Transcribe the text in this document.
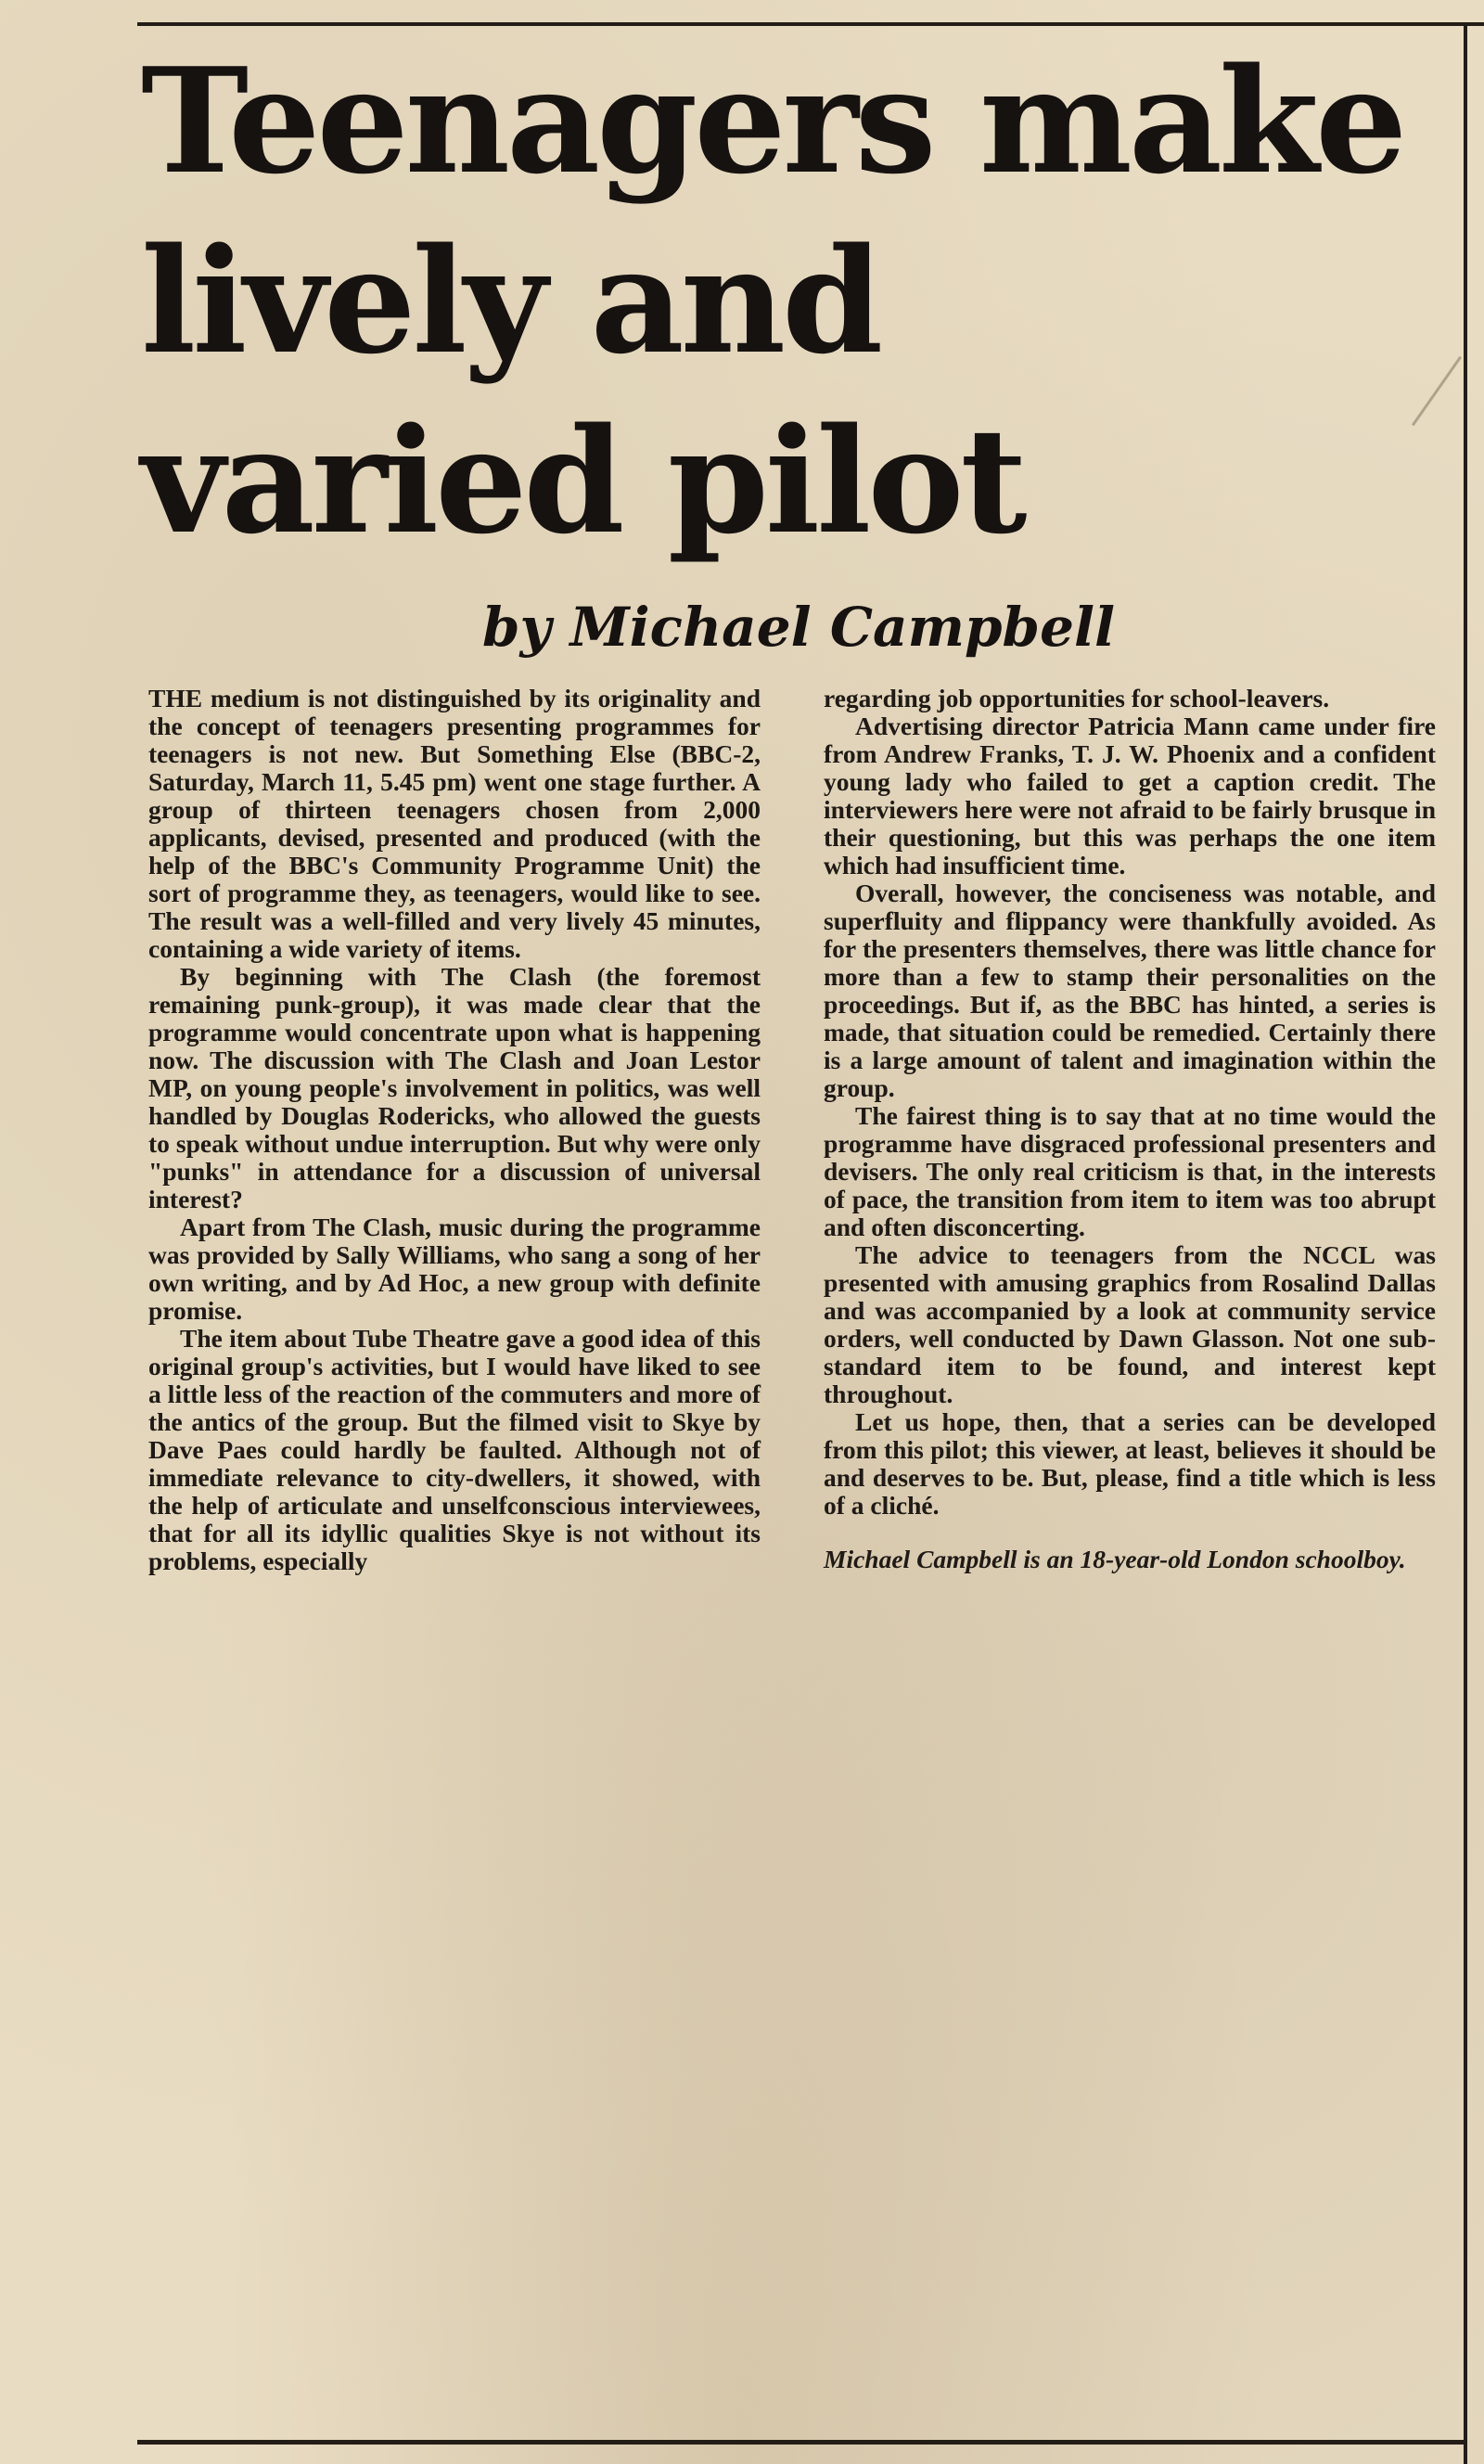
Teenagers make
lively and
varied pilot
by Michael Campbell

THE medium is not distinguished by its originality and the concept of teenagers presenting programmes for teenagers is not new. But Something Else (BBC-2, Saturday, March 11, 5.45 pm) went one stage further. A group of thirteen teenagers chosen from 2,000 applicants, devised, presented and produced (with the help of the BBC's Community Programme Unit) the sort of programme they, as teenagers, would like to see. The result was a well-filled and very lively 45 minutes, containing a wide variety of items.

By beginning with The Clash (the foremost remaining punk-group), it was made clear that the programme would concentrate upon what is happening now. The discussion with The Clash and Joan Lestor MP, on young people's involvement in politics, was well handled by Douglas Rodericks, who allowed the guests to speak without undue interruption. But why were only "punks" in attendance for a discussion of universal interest?

Apart from The Clash, music during the programme was provided by Sally Williams, who sang a song of her own writing, and by Ad Hoc, a new group with definite promise.

The item about Tube Theatre gave a good idea of this original group's activities, but I would have liked to see a little less of the reaction of the commuters and more of the antics of the group. But the filmed visit to Skye by Dave Paes could hardly be faulted. Although not of immediate relevance to city-dwellers, it showed, with the help of articulate and unselfconscious interviewees, that for all its idyllic qualities Skye is not without its problems, especially

regarding job opportunities for school-leavers.

Advertising director Patricia Mann came under fire from Andrew Franks, T. J. W. Phoenix and a confident young lady who failed to get a caption credit. The interviewers here were not afraid to be fairly brusque in their questioning, but this was perhaps the one item which had insufficient time.

Overall, however, the conciseness was notable, and superfluity and flippancy were thankfully avoided. As for the presenters themselves, there was little chance for more than a few to stamp their personalities on the proceedings. But if, as the BBC has hinted, a series is made, that situation could be remedied. Certainly there is a large amount of talent and imagination within the group.

The fairest thing is to say that at no time would the programme have disgraced professional presenters and devisers. The only real criticism is that, in the interests of pace, the transition from item to item was too abrupt and often disconcerting.

The advice to teenagers from the NCCL was presented with amusing graphics from Rosalind Dallas and was accompanied by a look at community service orders, well conducted by Dawn Glasson. Not one sub-standard item to be found, and interest kept throughout.

Let us hope, then, that a series can be developed from this pilot; this viewer, at least, believes it should be and deserves to be. But, please, find a title which is less of a cliché.

Michael Campbell is an 18-year-old London schoolboy.
